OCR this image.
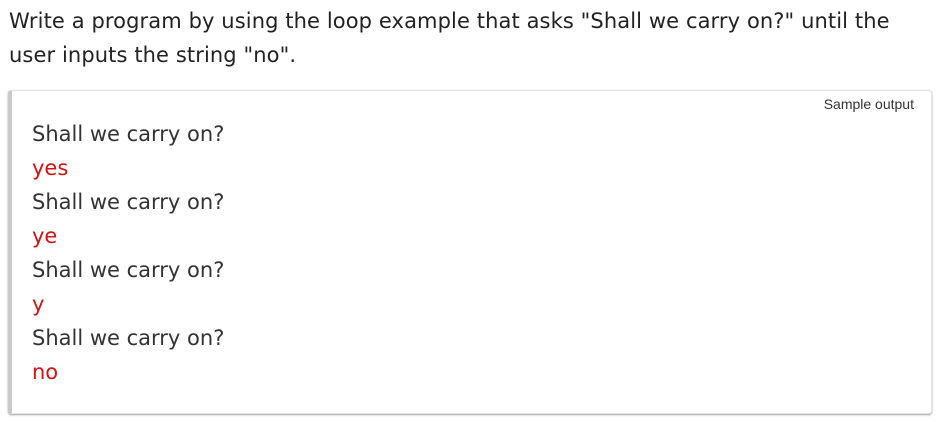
Write a program by using the loop example that asks "Shall we carry on?" until the user inputs the string "no".

Sample output
Shall we carry on?
yes
Shall we carry on?
ye
Shall we carry on?
y
Shall we carry on?
no
